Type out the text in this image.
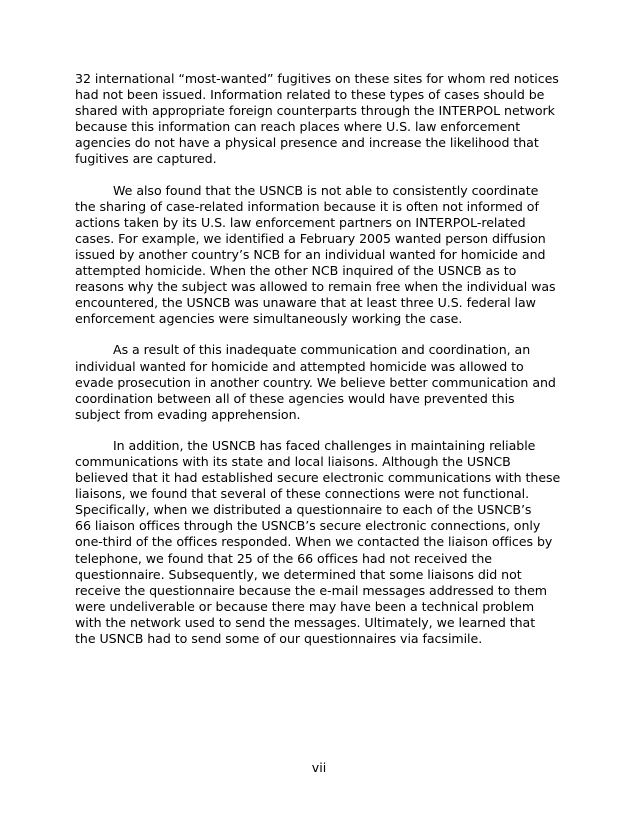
32 international “most-wanted” fugitives on these sites for whom red notices
had not been issued. Information related to these types of cases should be
shared with appropriate foreign counterparts through the INTERPOL network
because this information can reach places where U.S. law enforcement
agencies do not have a physical presence and increase the likelihood that
fugitives are captured.

We also found that the USNCB is not able to consistently coordinate
the sharing of case-related information because it is often not informed of
actions taken by its U.S. law enforcement partners on INTERPOL-related
cases. For example, we identified a February 2005 wanted person diffusion
issued by another country’s NCB for an individual wanted for homicide and
attempted homicide. When the other NCB inquired of the USNCB as to
reasons why the subject was allowed to remain free when the individual was
encountered, the USNCB was unaware that at least three U.S. federal law
enforcement agencies were simultaneously working the case.

As a result of this inadequate communication and coordination, an
individual wanted for homicide and attempted homicide was allowed to
evade prosecution in another country. We believe better communication and
coordination between all of these agencies would have prevented this
subject from evading apprehension.

In addition, the USNCB has faced challenges in maintaining reliable
communications with its state and local liaisons. Although the USNCB
believed that it had established secure electronic communications with these
liaisons, we found that several of these connections were not functional.
Specifically, when we distributed a questionnaire to each of the USNCB’s
66 liaison offices through the USNCB’s secure electronic connections, only
one-third of the offices responded. When we contacted the liaison offices by
telephone, we found that 25 of the 66 offices had not received the
questionnaire. Subsequently, we determined that some liaisons did not
receive the questionnaire because the e-mail messages addressed to them
were undeliverable or because there may have been a technical problem
with the network used to send the messages. Ultimately, we learned that
the USNCB had to send some of our questionnaires via facsimile.

vii
